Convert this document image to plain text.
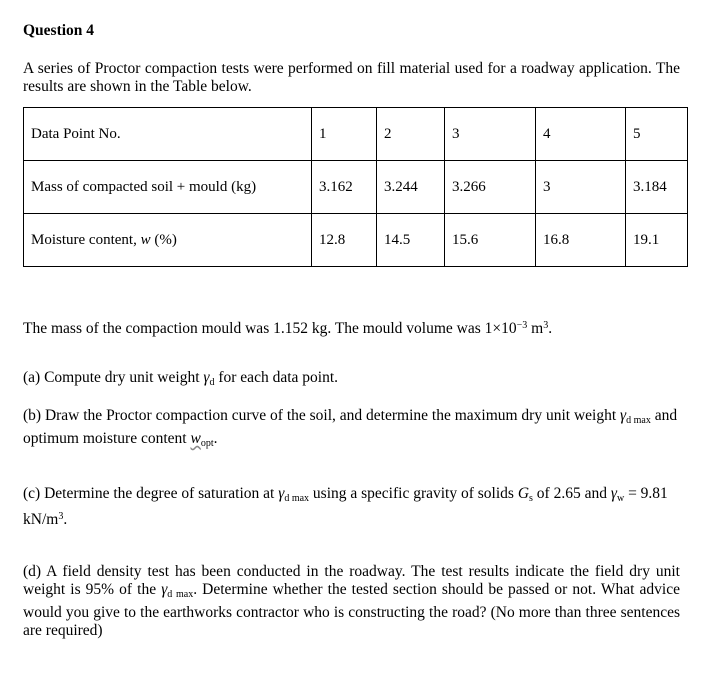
Question 4
A series of Proctor compaction tests were performed on fill material used for a roadway application. The results are shown in the Table below.
Data Point No.	1	2	3	4	5
Mass of compacted soil + mould (kg)	3.162	3.244	3.266	3	3.184
Moisture content, w (%)	12.8	14.5	15.6	16.8	19.1
The mass of the compaction mould was 1.152 kg. The mould volume was $1\times 10^{-3}$ $m^3$.
(a) Compute dry unit weight $\gamma_d$ for each data point.
(b) Draw the Proctor compaction curve of the soil, and determine the maximum dry unit weight $\gamma_{d max}$ and optimum moisture content $w_{opt}$.
(c) Determine the degree of saturation at $\gamma_{d max}$ using a specific gravity of solids $G_s$ of 2.65 and $\gamma_w = 9.81$ $kN/m^3$.
(d) A field density test has been conducted in the roadway. The test results indicate the field dry unit weight is 95% of the $\gamma_{d max}$. Determine whether the tested section should be passed or not. What advice would you give to the earthworks contractor who is constructing the road? (No more than three sentences are required)
